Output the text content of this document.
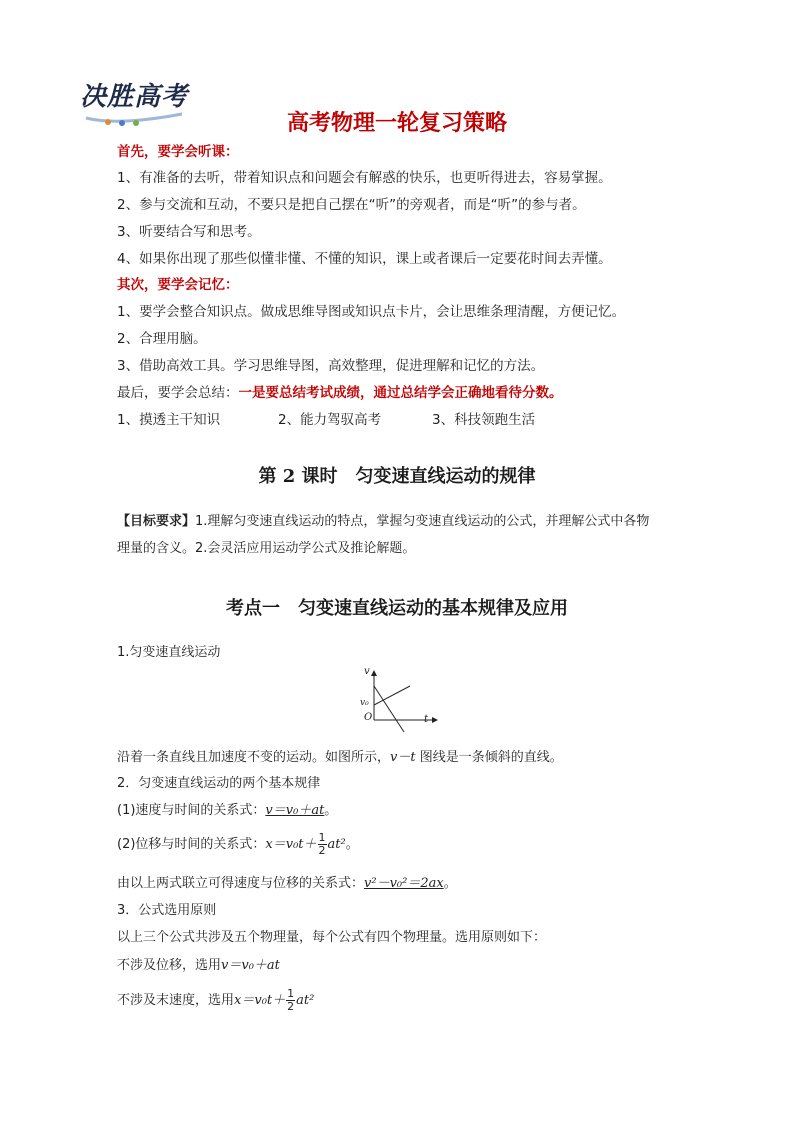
决胜高考
高考物理一轮复习策略
首先，要学会听课：
1、有准备的去听，带着知识点和问题会有解惑的快乐，也更听得进去，容易掌握。
2、参与交流和互动，不要只是把自己摆在“听”的旁观者，而是“听”的参与者。
3、听要结合写和思考。
4、如果你出现了那些似懂非懂、不懂的知识，课上或者课后一定要花时间去弄懂。
其次，要学会记忆：
1、要学会整合知识点。做成思维导图或知识点卡片，会让思维条理清醒，方便记忆。
2、合理用脑。
3、借助高效工具。学习思维导图，高效整理，促进理解和记忆的方法。
最后，要学会总结：一是要总结考试成绩，通过总结学会正确地看待分数。
1、摸透主干知识	2、能力驾驭高考	3、科技领跑生活
第 2 课时　匀变速直线运动的规律
【目标要求】1.理解匀变速直线运动的特点，掌握匀变速直线运动的公式，并理解公式中各物
理量的含义。2.会灵活应用运动学公式及推论解题。
考点一　匀变速直线运动的基本规律及应用
1.匀变速直线运动
v
v₀
O	t
沿着一条直线且加速度不变的运动。如图所示，v－t 图线是一条倾斜的直线。
2．匀变速直线运动的两个基本规律
(1)速度与时间的关系式：v＝v₀＋at。
(2)位移与时间的关系式：$x=v_0t+ \frac{1}{2} at^2$。
由以上两式联立可得速度与位移的关系式：v²－v₀²＝2ax。
3．公式选用原则
以上三个公式共涉及五个物理量，每个公式有四个物理量。选用原则如下：
不涉及位移，选用v＝v₀＋at
不涉及末速度，选用$x=v_0t+ \frac{1}{2} at^2$
